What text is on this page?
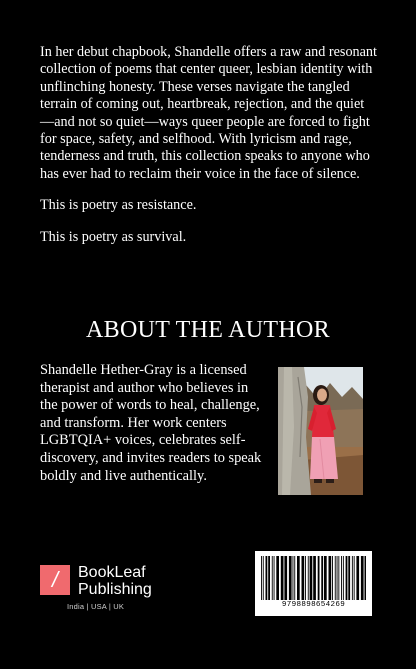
In her debut chapbook, Shandelle offers a raw and resonant collection of poems that center queer, lesbian identity with unflinching honesty. These verses navigate the tangled terrain of coming out, heartbreak, rejection, and the quiet—and not so quiet—ways queer people are forced to fight for space, safety, and selfhood. With lyricism and rage, tenderness and truth, this collection speaks to anyone who has ever had to reclaim their voice in the face of silence.

This is poetry as resistance.

This is poetry as survival.

ABOUT THE AUTHOR
Shandelle Hether-Gray is a licensed therapist and author who believes in the power of words to heal, challenge, and transform. Her work centers LGBTQIA+ voices, celebrates self-discovery, and invites readers to speak boldly and live authentically.
/	BookLeaf
Publishing
India | USA | UK	9798898654269
